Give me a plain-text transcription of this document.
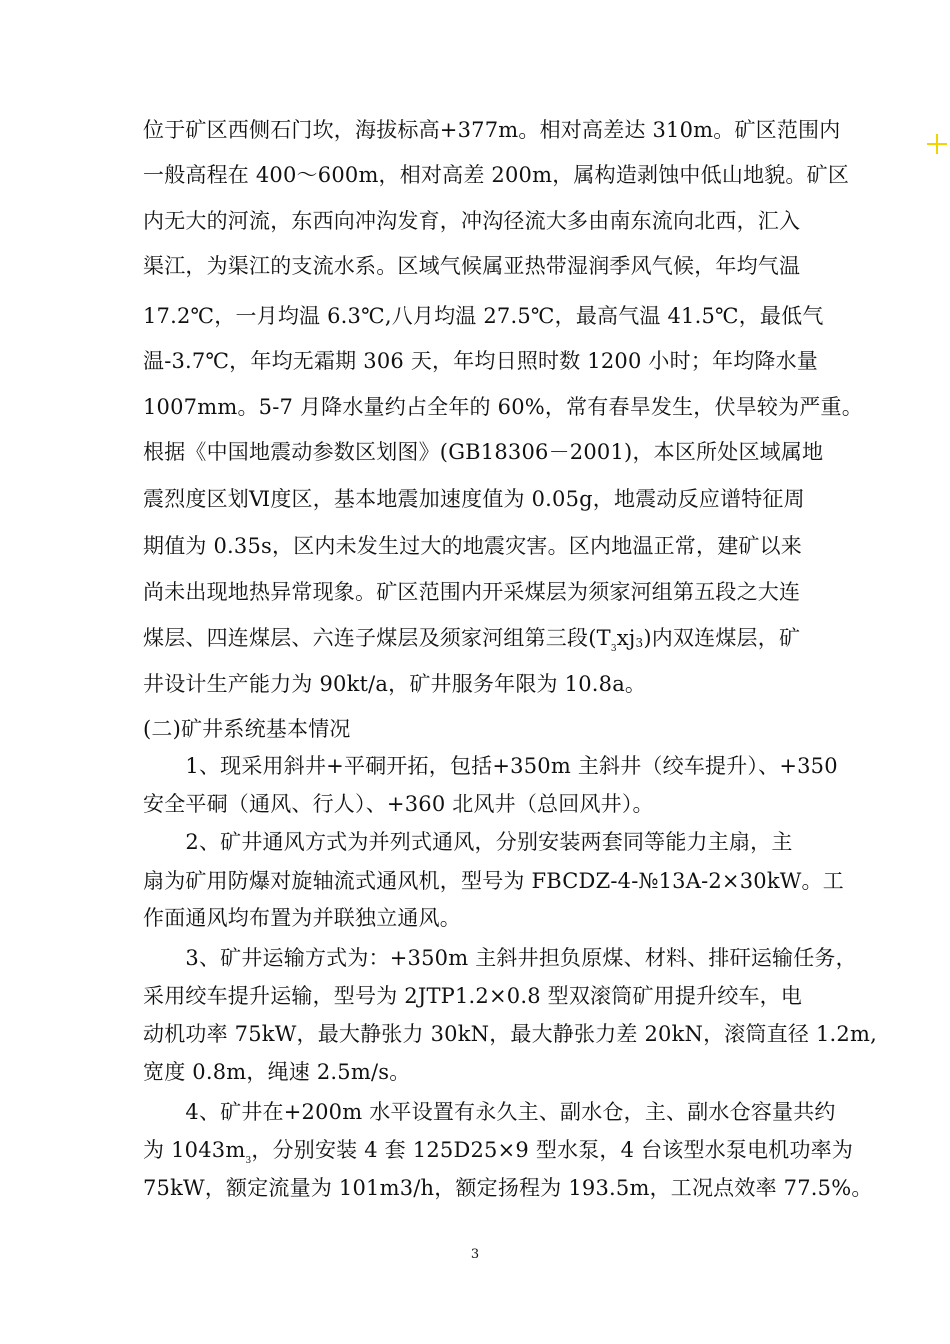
位于矿区西侧石门坎，海拔标高+377m。相对高差达 310m。矿区范围内
一般高程在 400～600m，相对高差 200m，属构造剥蚀中低山地貌。矿区
内无大的河流，东西向冲沟发育，冲沟径流大多由南东流向北西，汇入
渠江，为渠江的支流水系。区域气候属亚热带湿润季风气候，年均气温
17.2℃，一月均温 6.3℃,八月均温 27.5℃，最高气温 41.5℃，最低气
温-3.7℃，年均无霜期 306 天，年均日照时数 1200 小时；年均降水量
1007mm。5-7 月降水量约占全年的 60%，常有春旱发生，伏旱较为严重。
根据《中国地震动参数区划图》(GB18306－2001)，本区所处区域属地
震烈度区划Ⅵ度区，基本地震加速度值为 0.05g，地震动反应谱特征周
期值为 0.35s，区内未发生过大的地震灾害。区内地温正常，建矿以来
尚未出现地热异常现象。矿区范围内开采煤层为须家河组第五段之大连
煤层、四连煤层、六连子煤层及须家河组第三段$(T_3xj_3)$内双连煤层，矿
井设计生产能力为 90kt/a，矿井服务年限为 10.8a。
(二)矿井系统基本情况
　　1、现采用斜井+平硐开拓，包括+350m 主斜井（绞车提升）、+350
安全平硐（通风、行人）、+360 北风井（总回风井）。
　　2、矿井通风方式为并列式通风，分别安装两套同等能力主扇，主
扇为矿用防爆对旋轴流式通风机，型号为 FBCDZ-4-№13A-2×30kW。工
作面通风均布置为并联独立通风。
　　3、矿井运输方式为：+350m 主斜井担负原煤、材料、排矸运输任务，
采用绞车提升运输，型号为 2JTP1.2×0.8 型双滚筒矿用提升绞车，电
动机功率 75kW，最大静张力 30kN，最大静张力差 20kN，滚筒直径 1.2m,
宽度 0.8m，绳速 2.5m/s。
　　4、矿井在+200m 水平设置有永久主、副水仓，主、副水仓容量共约
为 $1043m_3$，分别安装 4 套 125D25×9 型水泵，4 台该型水泵电机功率为
75kW，额定流量为 101m3/h，额定扬程为 193.5m，工况点效率 77.5%。
3
